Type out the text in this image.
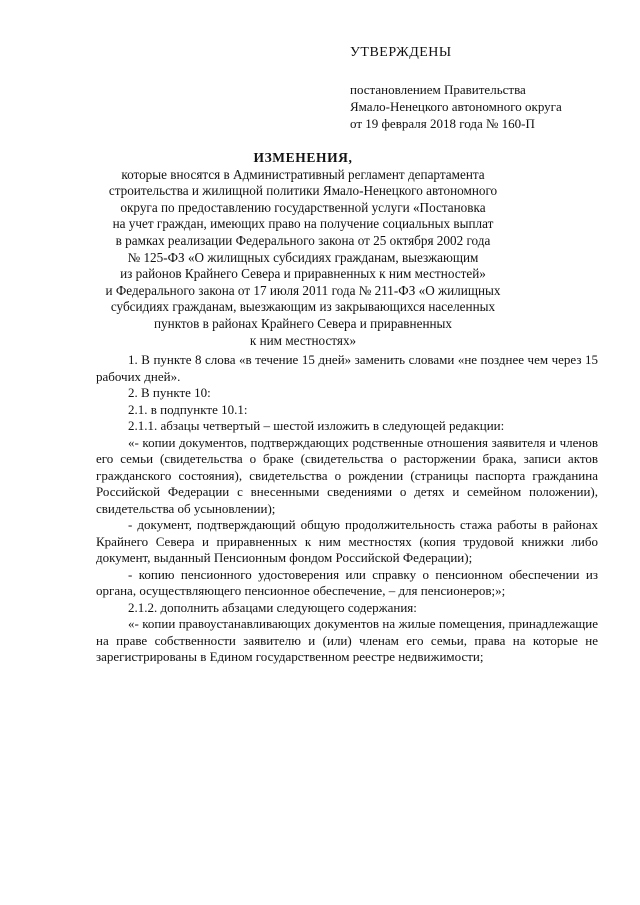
УТВЕРЖДЕНЫ
постановлением Правительства
Ямало-Ненецкого автономного округа
от 19 февраля 2018 года № 160-П
ИЗМЕНЕНИЯ,
которые вносятся в Административный регламент департамента
строительства и жилищной политики Ямало-Ненецкого автономного
округа по предоставлению государственной услуги «Постановка
на учет граждан, имеющих право на получение социальных выплат
в рамках реализации Федерального закона от 25 октября 2002 года
№ 125-ФЗ «О жилищных субсидиях гражданам, выезжающим
из районов Крайнего Севера и приравненных к ним местностей»
и Федерального закона от 17 июля 2011 года № 211-ФЗ «О жилищных
субсидиях гражданам, выезжающим из закрывающихся населенных
пунктов в районах Крайнего Севера и приравненных
к ним местностях»

1. В пункте 8 слова «в течение 15 дней» заменить словами «не позднее чем через 15 рабочих дней».

2. В пункте 10:

2.1. в подпункте 10.1:

2.1.1. абзацы четвертый – шестой изложить в следующей редакции:

«- копии документов, подтверждающих родственные отношения заявителя и членов его семьи (свидетельства о браке (свидетельства о расторжении брака, записи актов гражданского состояния), свидетельства о рождении (страницы паспорта гражданина Российской Федерации с внесенными сведениями о детях и семейном положении), свидетельства об усыновлении);

- документ, подтверждающий общую продолжительность стажа работы в районах Крайнего Севера и приравненных к ним местностях (копия трудовой книжки либо документ, выданный Пенсионным фондом Российской Федерации);

- копию пенсионного удостоверения или справку о пенсионном обеспечении из органа, осуществляющего пенсионное обеспечение, – для пенсионеров;»;

2.1.2. дополнить абзацами следующего содержания:

«- копии правоустанавливающих документов на жилые помещения, принадлежащие на праве собственности заявителю и (или) членам его семьи, права на которые не зарегистрированы в Едином государственном реестре недвижимости;
